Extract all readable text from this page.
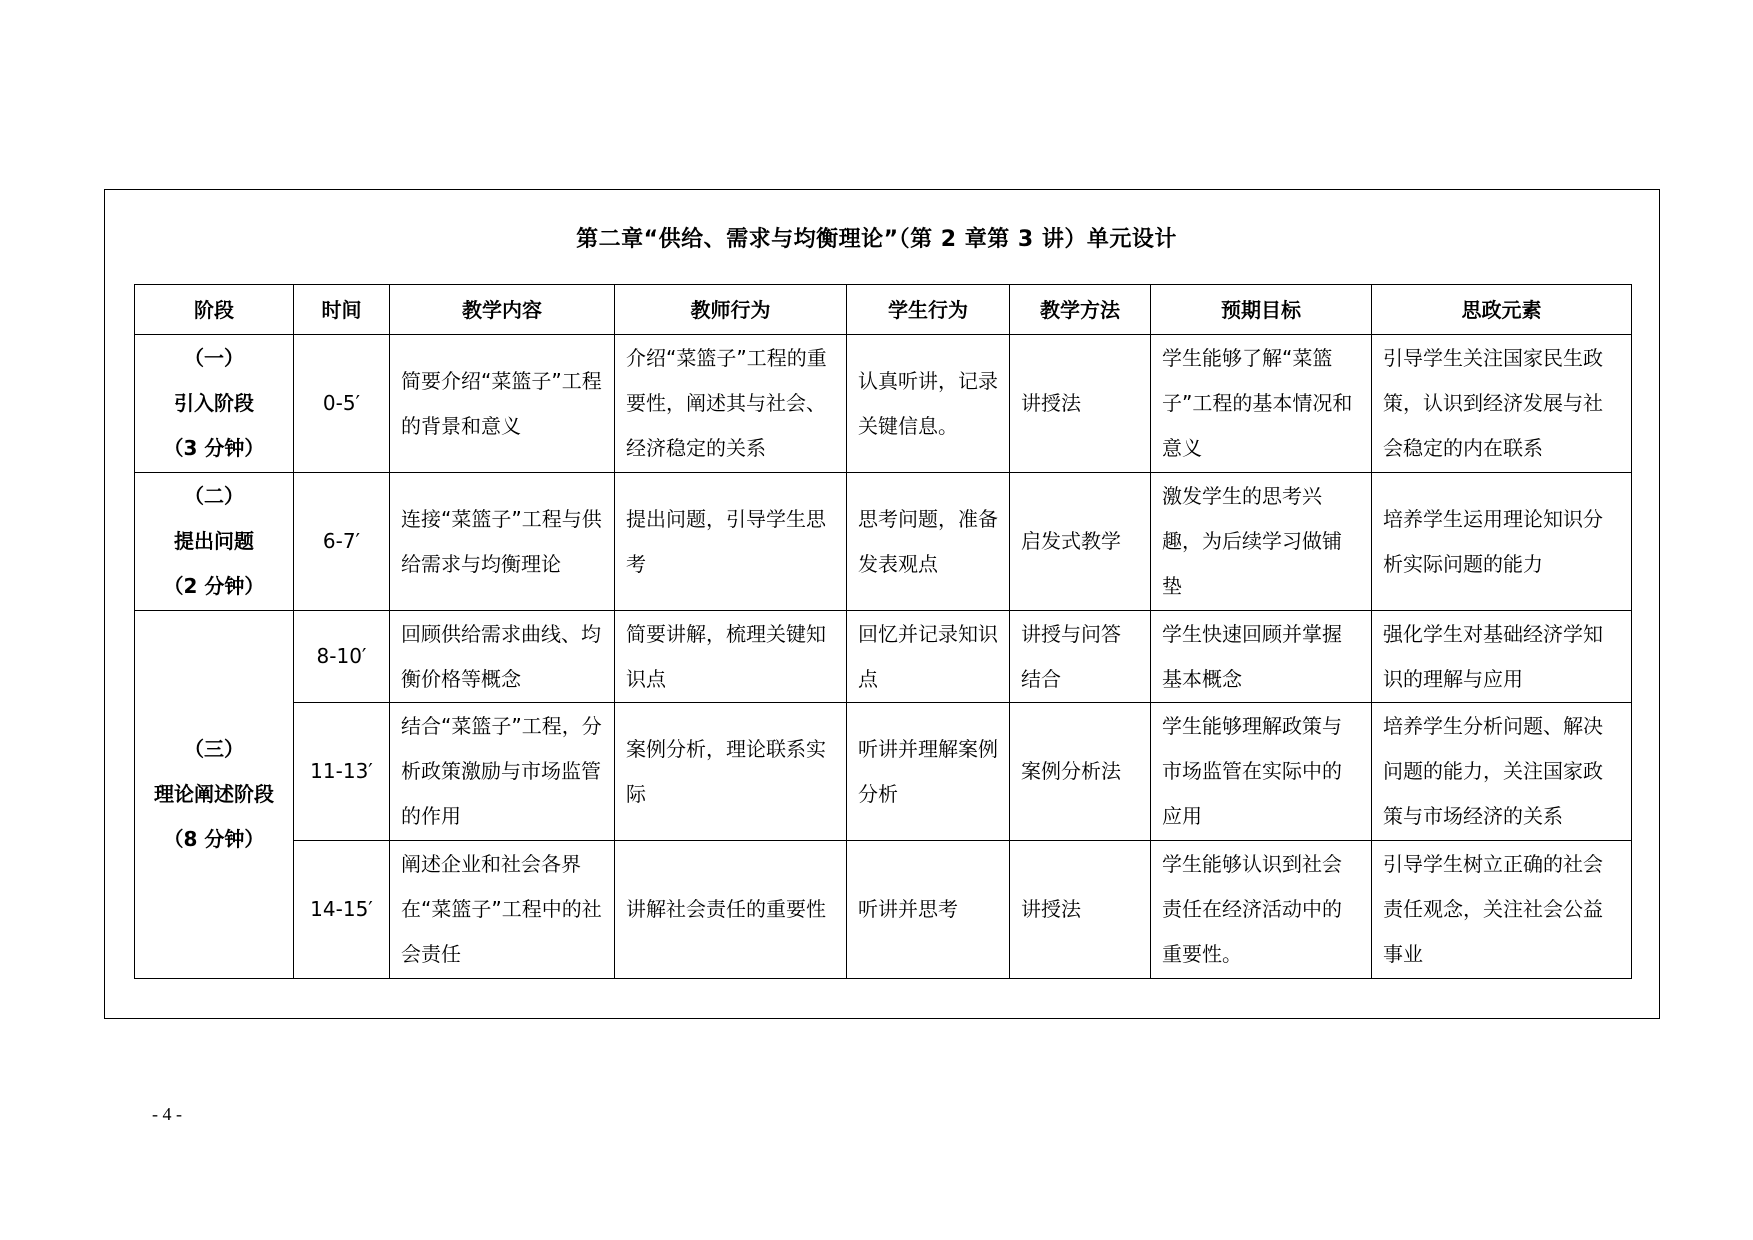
第二章“供给、需求与均衡理论”（第 2 章第 3 讲）单元设计
阶段	时间	教学内容	教师行为	学生行为	教学方法	预期目标	思政元素

（一）
引入阶段
（3 分钟）	0-5′	简要介绍“菜篮子”工程的背景和意义	介绍“菜篮子”工程的重要性，阐述其与社会、经济稳定的关系	认真听讲，记录关键信息。	讲授法	学生能够了解“菜篮子”工程的基本情况和意义	引导学生关注国家民生政策，认识到经济发展与社会稳定的内在联系

（二）
提出问题
（2 分钟）	6-7′	连接“菜篮子”工程与供给需求与均衡理论	提出问题，引导学生思考	思考问题，准备发表观点	启发式教学	激发学生的思考兴趣，为后续学习做铺垫	培养学生运用理论知识分析实际问题的能力

（三）
理论阐述阶段
（8 分钟）	8-10′	回顾供给需求曲线、均衡价格等概念	简要讲解，梳理关键知识点	回忆并记录知识点	讲授与问答结合	学生快速回顾并掌握基本概念	强化学生对基础经济学知识的理解与应用
	11-13′	结合“菜篮子”工程，分析政策激励与市场监管的作用	案例分析，理论联系实际	听讲并理解案例分析	案例分析法	学生能够理解政策与市场监管在实际中的应用	培养学生分析问题、解决问题的能力，关注国家政策与市场经济的关系
	14-15′	阐述企业和社会各界在“菜篮子”工程中的社会责任	讲解社会责任的重要性	听讲并思考	讲授法	学生能够认识到社会责任在经济活动中的重要性。	引导学生树立正确的社会责任观念，关注社会公益事业
- 4 -
